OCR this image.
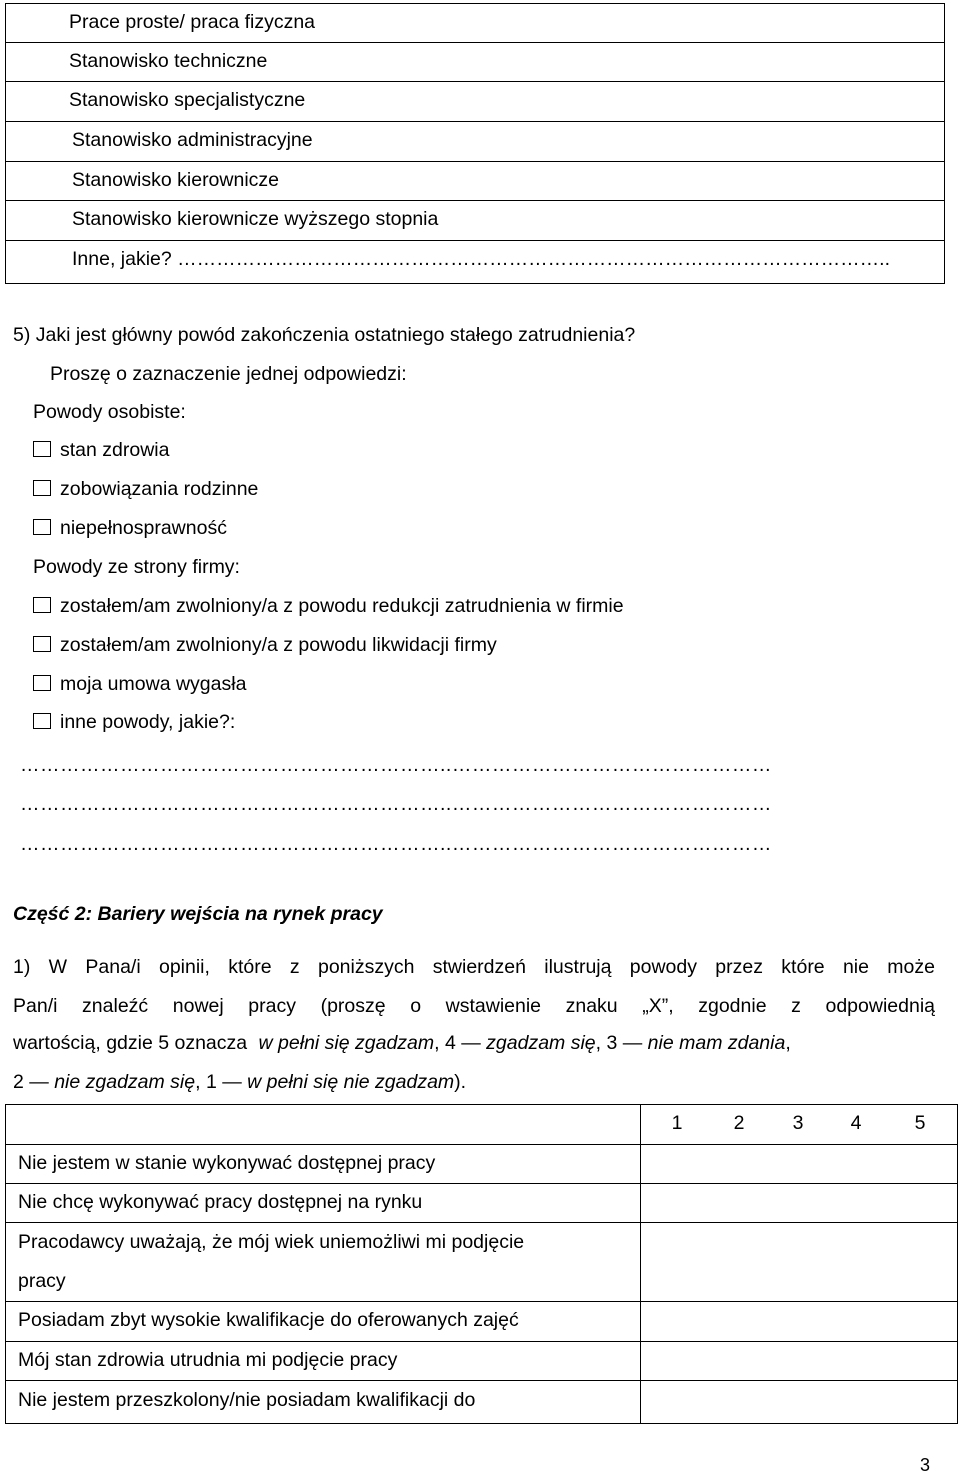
Prace proste/ praca fizyczna
Stanowisko techniczne
Stanowisko specjalistyczne
Stanowisko administracyjne
Stanowisko kierownicze
Stanowisko kierownicze wyższego stopnia
Inne, jakie? ………………………………………………………………………………………………..
5) Jaki jest główny powód zakończenia ostatniego stałego zatrudnienia?
Proszę o zaznaczenie jednej odpowiedzi:
Powody osobiste:
stan zdrowia
zobowiązania rodzinne
niepełnosprawność
Powody ze strony firmy:
zostałem/am zwolniony/a z powodu redukcji zatrudnienia w firmie
zostałem/am zwolniony/a z powodu likwidacji firmy
moja umowa wygasła
inne powody, jakie?:
………………………………………………………..…………………………………………
………………………………………………………..…………………………………………
………………………………………………………..…………………………………………
Część 2: Bariery wejścia na rynek pracy
1) W Pana/i opinii, które z poniższych stwierdzeń ilustrują powody przez które nie może
Pan/i znaleźć nowej pracy (proszę o wstawienie znaku „X”, zgodnie z odpowiednią
wartością, gdzie 5 oznacza w pełni się zgadzam, 4 — zgadzam się, 3 — nie mam zdania,
2 — nie zgadzam się, 1 — w pełni się nie zgadzam).
1	2 3 4	5
Nie jestem w stanie wykonywać dostępnej pracy
Nie chcę wykonywać pracy dostępnej na rynku
Pracodawcy uważają, że mój wiek uniemożliwi mi podjęcie
pracy
Posiadam zbyt wysokie kwalifikacje do oferowanych zajęć
Mój stan zdrowia utrudnia mi podjęcie pracy
Nie jestem przeszkolony/nie posiadam kwalifikacji do
3
